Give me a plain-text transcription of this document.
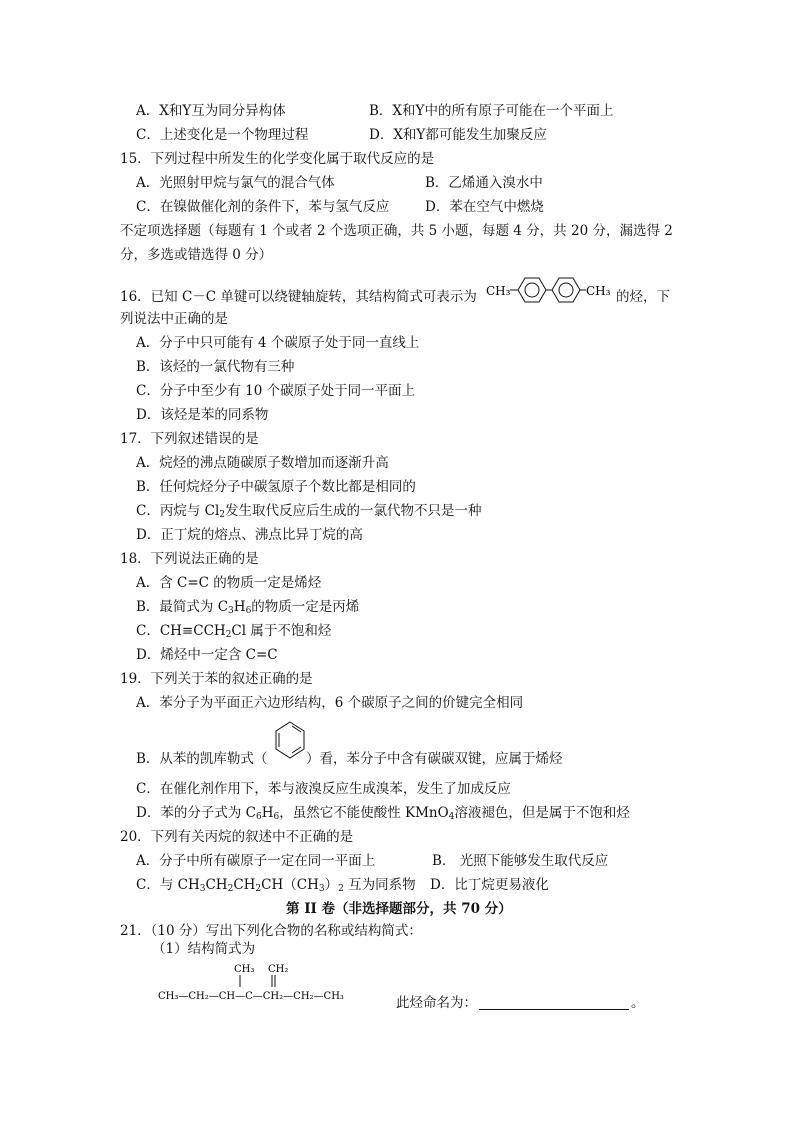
A．X和Y互为同分异构体	B．X和Y中的所有原子可能在一个平面上
C．上述变化是一个物理过程	D．X和Y都可能发生加聚反应
15．下列过程中所发生的化学变化属于取代反应的是
A．光照射甲烷与氯气的混合气体	B．乙烯通入溴水中
C．在镍做催化剂的条件下，苯与氢气反应	D．苯在空气中燃烧
不定项选择题（每题有 1 个或者 2 个选项正确，共 5 小题，每题 4 分，共 20 分，漏选得 2
分，多选或错选得 0 分）
16．已知 C－C 单键可以绕键轴旋转，其结构简式可表示为 CH₃	CH₃ 的烃，下
列说法中正确的是
A．分子中只可能有 4 个碳原子处于同一直线上
B．该烃的一氯代物有三种
C．分子中至少有 10 个碳原子处于同一平面上
D．该烃是苯的同系物
17．下列叙述错误的是
A．烷烃的沸点随碳原子数增加而逐渐升高
B．任何烷烃分子中碳氢原子个数比都是相同的
C．丙烷与 $Cl_2$发生取代反应后生成的一氯代物不只是一种
D．正丁烷的熔点、沸点比异丁烷的高
18．下列说法正确的是
A．含 C=C 的物质一定是烯烃
B．最简式为 $C_3H_6$的物质一定是丙烯
C．$CH\equiv CCH_2Cl$ 属于不饱和烃
D．烯烃中一定含 C=C
19．下列关于苯的叙述正确的是
A．苯分子为平面正六边形结构，6 个碳原子之间的价键完全相同
B．从苯的凯库勒式（	）看，苯分子中含有碳碳双键，应属于烯烃
C．在催化剂作用下，苯与液溴反应生成溴苯，发生了加成反应
D．苯的分子式为 $C_6H_6$，虽然它不能使酸性 KMnO$_4$溶液褪色，但是属于不饱和烃
20．下列有关丙烷的叙述中不正确的是
A．分子中所有碳原子一定在同一平面上	B． 光照下能够发生取代反应
C．与 $CH_3CH_2CH_2CH(CH_3)_2$ 互为同系物 D．比丁烷更易液化
第 II 卷（非选择题部分，共 70 分）
21．（10 分）写出下列化合物的名称或结构简式：
（1）结构简式为
CH₃ CH₂
CH₃—CH₂—CH—C—CH₂—CH₂—CH₃	此烃命名为：	。
